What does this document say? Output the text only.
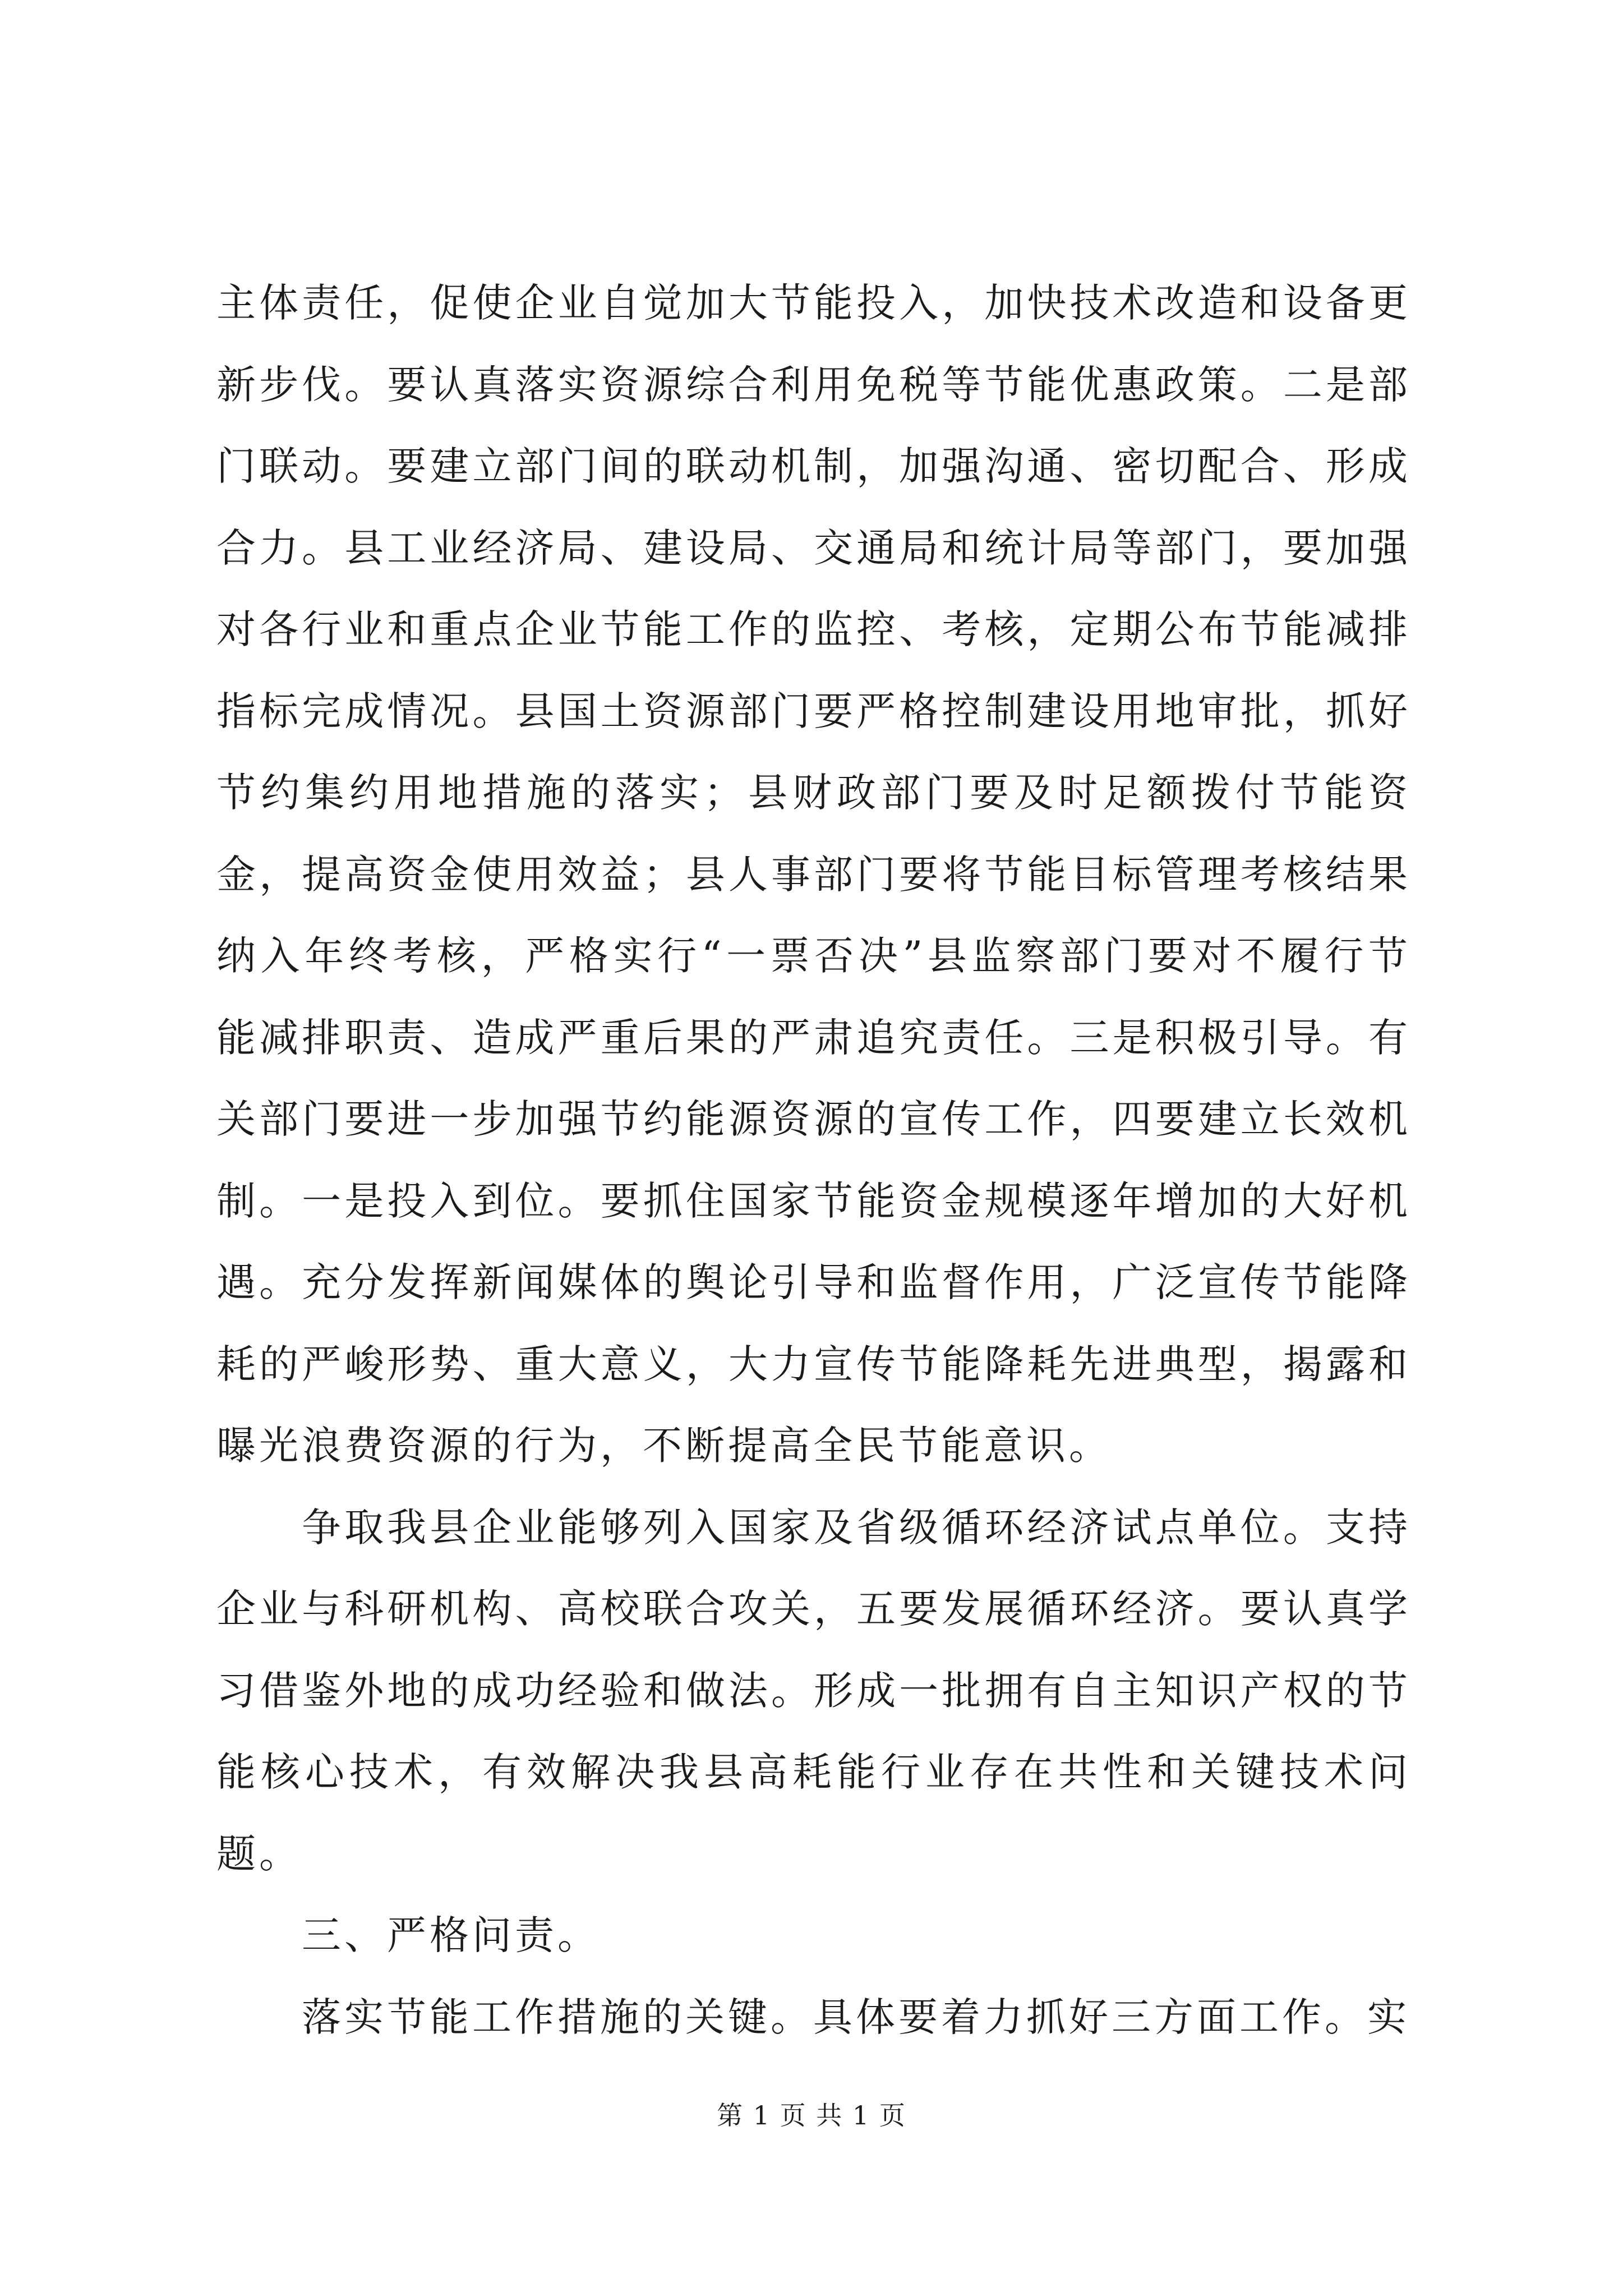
主体责任，促使企业自觉加大节能投入，加快技术改造和设备更新步伐。要认真落实资源综合利用免税等节能优惠政策。二是部门联动。要建立部门间的联动机制，加强沟通、密切配合、形成合力。县工业经济局、建设局、交通局和统计局等部门，要加强对各行业和重点企业节能工作的监控、考核，定期公布节能减排指标完成情况。县国土资源部门要严格控制建设用地审批，抓好节约集约用地措施的落实；县财政部门要及时足额拨付节能资金，提高资金使用效益；县人事部门要将节能目标管理考核结果纳入年终考核，严格实行“一票否决”县监察部门要对不履行节能减排职责、造成严重后果的严肃追究责任。三是积极引导。有关部门要进一步加强节约能源资源的宣传工作，四要建立长效机制。一是投入到位。要抓住国家节能资金规模逐年增加的大好机遇。充分发挥新闻媒体的舆论引导和监督作用，广泛宣传节能降耗的严峻形势、重大意义，大力宣传节能降耗先进典型，揭露和曝光浪费资源的行为，不断提高全民节能意识。

争取我县企业能够列入国家及省级循环经济试点单位。支持企业与科研机构、高校联合攻关，五要发展循环经济。要认真学习借鉴外地的成功经验和做法。形成一批拥有自主知识产权的节能核心技术，有效解决我县高耗能行业存在共性和关键技术问题。

三、严格问责。

落实节能工作措施的关键。具体要着力抓好三方面工作。实

第 1 页 共 1 页
